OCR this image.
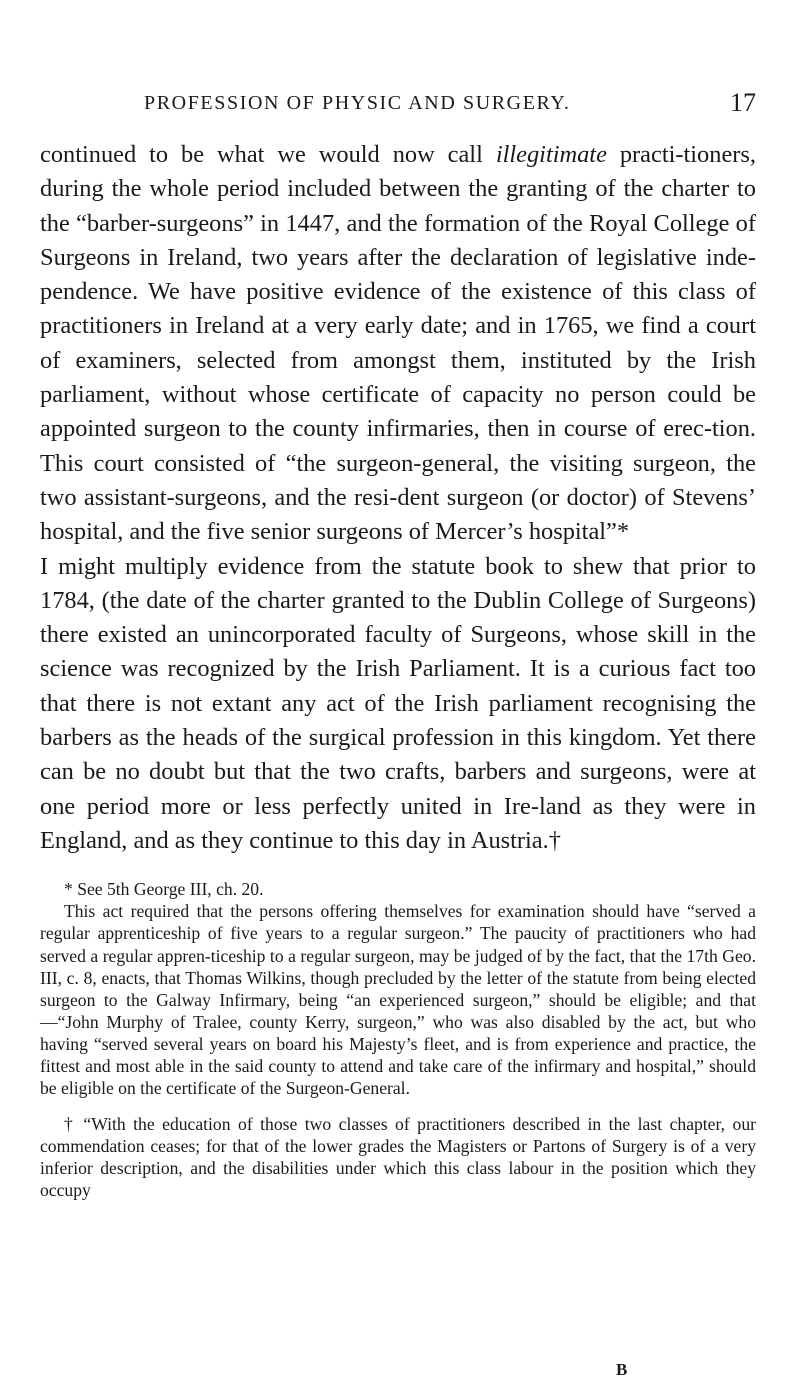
PROFESSION OF PHYSIC AND SURGERY.	17

continued to be what we would now call illegitimate practi-tioners, during the whole period included between the granting of the charter to the “barber-surgeons” in 1447, and the formation of the Royal College of Surgeons in Ireland, two years after the declaration of legislative inde-pendence. We have positive evidence of the existence of this class of practitioners in Ireland at a very early date; and in 1765, we find a court of examiners, selected from amongst them, instituted by the Irish parliament, without whose certificate of capacity no person could be appointed surgeon to the county infirmaries, then in course of erec-tion. This court consisted of “the surgeon-general, the visiting surgeon, the two assistant-surgeons, and the resi-dent surgeon (or doctor) of Stevens’ hospital, and the five senior surgeons of Mercer’s hospital”*

I might multiply evidence from the statute book to shew that prior to 1784, (the date of the charter granted to the Dublin College of Surgeons) there existed an unincorporated faculty of Surgeons, whose skill in the science was recognized by the Irish Parliament. It is a curious fact too that there is not extant any act of the Irish parliament recognising the barbers as the heads of the surgical profession in this kingdom. Yet there can be no doubt but that the two crafts, barbers and surgeons, were at one period more or less perfectly united in Ire-land as they were in England, and as they continue to this day in Austria.†

* See 5th George III, ch. 20.

This act required that the persons offering themselves for examination should have “served a regular apprenticeship of five years to a regular surgeon.” The paucity of practitioners who had served a regular appren-ticeship to a regular surgeon, may be judged of by the fact, that the 17th Geo. III, c. 8, enacts, that Thomas Wilkins, though precluded by the letter of the statute from being elected surgeon to the Galway Infirmary, being “an experienced surgeon,” should be eligible; and that—“John Murphy of Tralee, county Kerry, surgeon,” who was also disabled by the act, but who having “served several years on board his Majesty’s fleet, and is from experience and practice, the fittest and most able in the said county to attend and take care of the infirmary and hospital,” should be eligible on the certificate of the Surgeon-General.

† “With the education of those two classes of practitioners described in the last chapter, our commendation ceases; for that of the lower grades the Magisters or Partons of Surgery is of a very inferior description, and the disabilities under which this class labour in the position which they occupy

B
